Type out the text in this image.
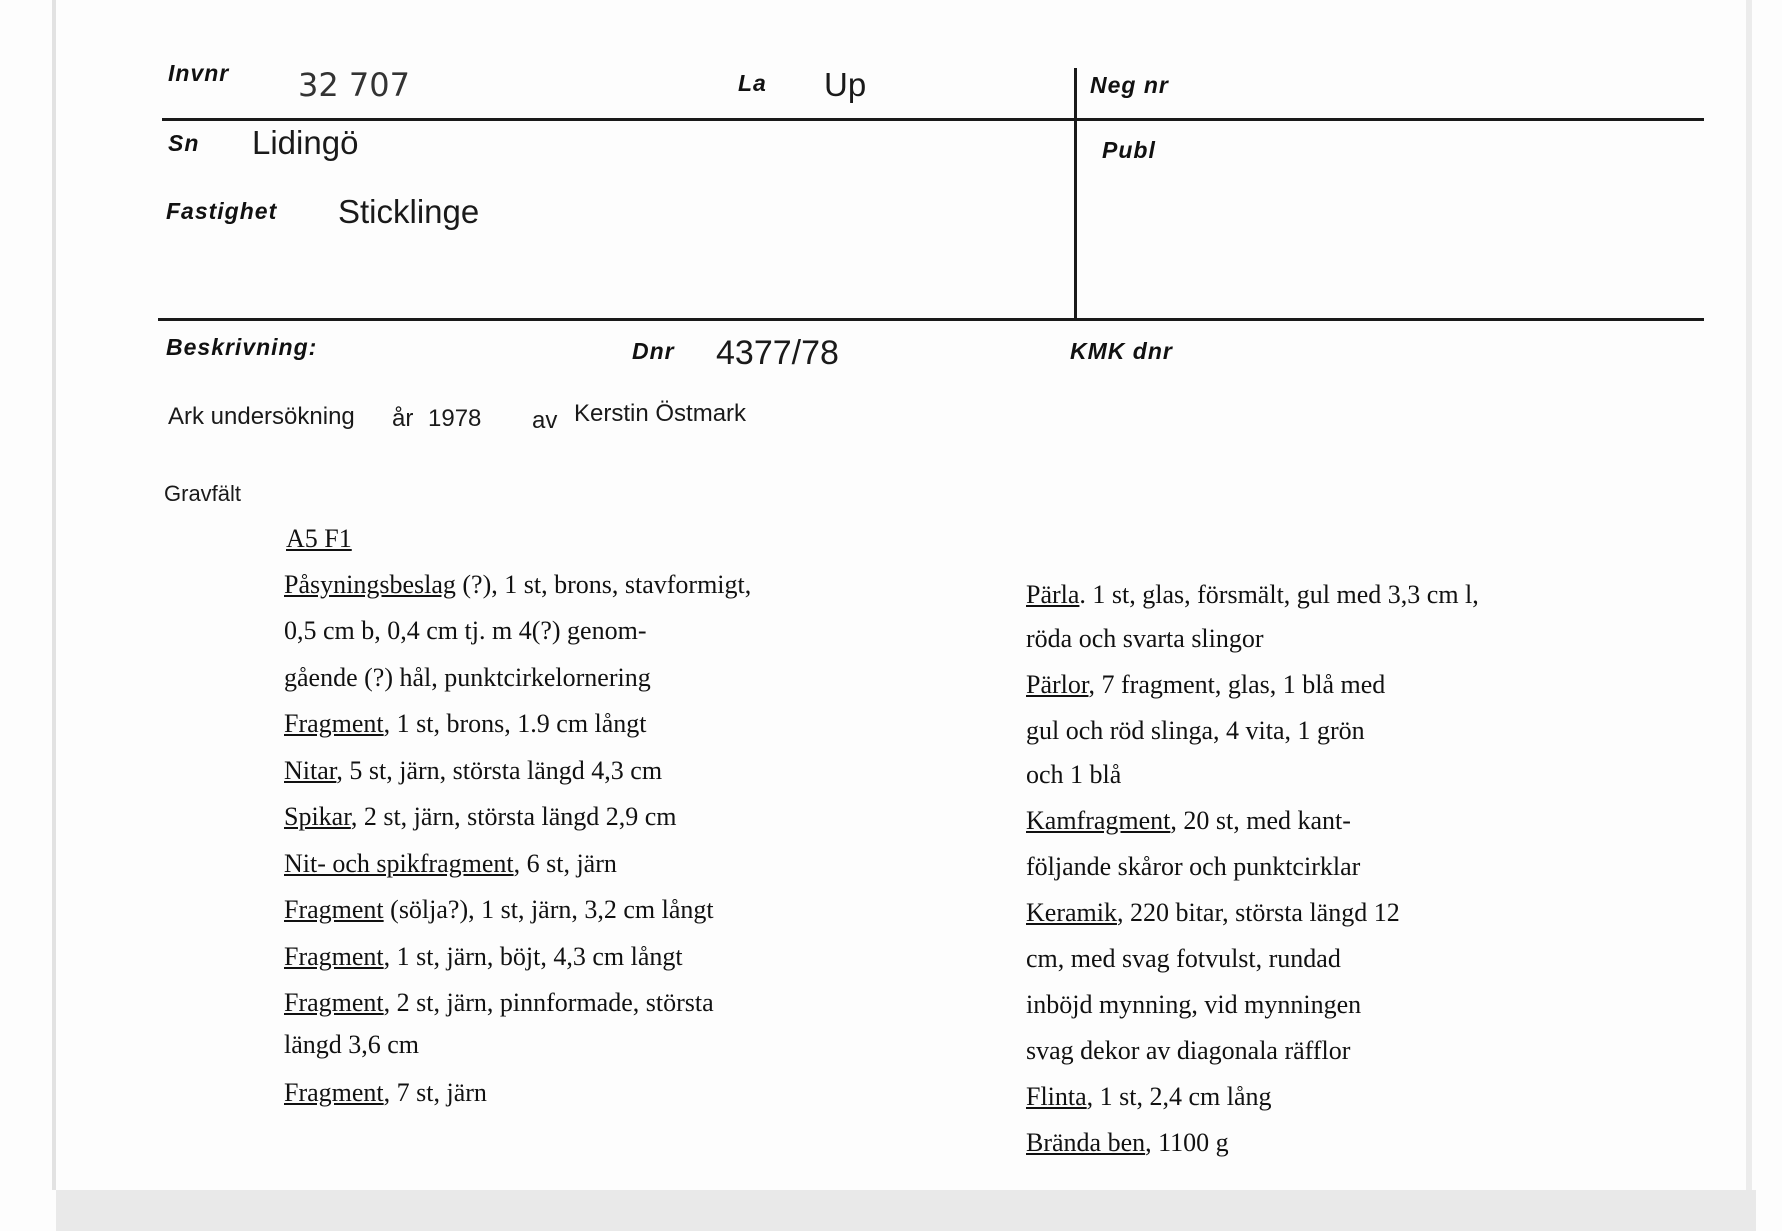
Invnr 32 707	La Up	Neg nr
Sn Lidingö	Publ
Fastighet Sticklinge
Beskrivning:	Dnr 4377/78	KMK dnr
Ark undersökning år 1978 av Kerstin Östmark
Gravfält
A5 F1
Påsyningsbeslag (?), 1 st, brons, stavformigt,
0,5 cm b, 0,4 cm tj. m 4(?) genom-
gående (?) hål, punktcirkelornering
Fragment, 1 st, brons, 1.9 cm långt
Nitar, 5 st, järn, största längd 4,3 cm
Spikar, 2 st, järn, största längd 2,9 cm
Nit- och spikfragment, 6 st, järn
Fragment (sölja?), 1 st, järn, 3,2 cm långt
Fragment, 1 st, järn, böjt, 4,3 cm långt
Fragment, 2 st, järn, pinnformade, största
längd 3,6 cm
Fragment, 7 st, järn
Pärla. 1 st, glas, försmält, gul med 3,3 cm l,
röda och svarta slingor
Pärlor, 7 fragment, glas, 1 blå med
gul och röd slinga, 4 vita, 1 grön
och 1 blå
Kamfragment, 20 st, med kant-
följande skåror och punktcirklar
Keramik, 220 bitar, största längd 12
cm, med svag fotvulst, rundad
inböjd mynning, vid mynningen
svag dekor av diagonala räfflor
Flinta, 1 st, 2,4 cm lång
Brända ben, 1100 g
